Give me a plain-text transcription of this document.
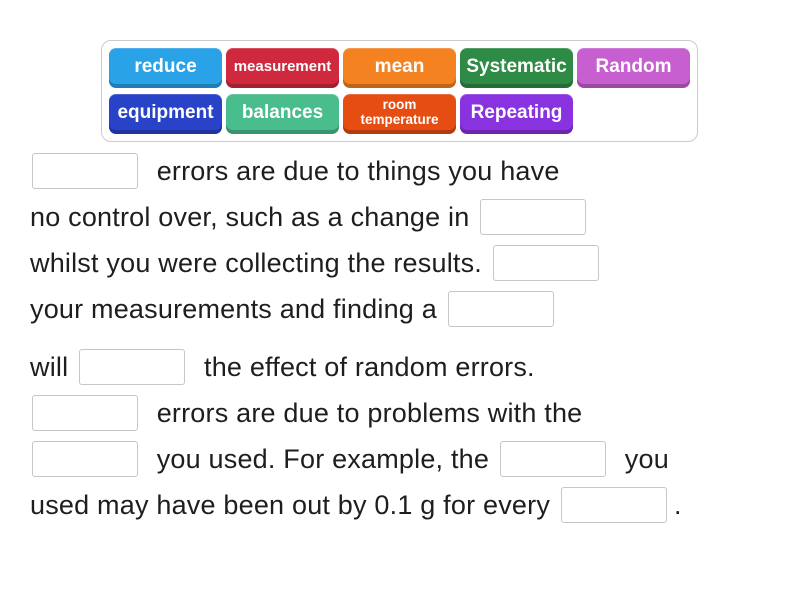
reduce measurement mean Systematic Random
equipment balances	room temperature	Repeating
errors are due to things you have
no control over, such as a change in
whilst you were collecting the results.
your measurements and finding a
will	the effect of random errors.
errors are due to problems with the
you used. For example, the	you
used may have been out by 0.1 g for every	.
